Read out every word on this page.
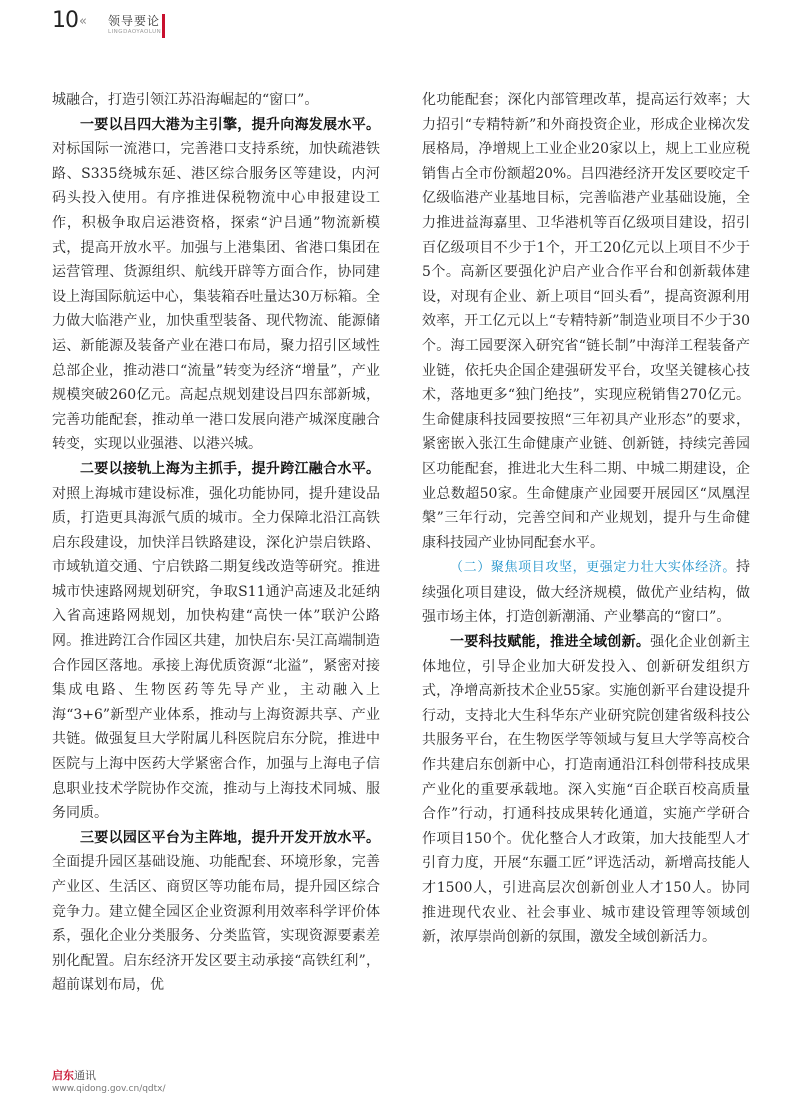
10 « 领导要论
LINGDAOYAOLUN

城融合，打造引领江苏沿海崛起的“窗口”。

一要以吕四大港为主引擎，提升向海发展水平。对标国际一流港口，完善港口支持系统，加快疏港铁路、S335绕城东延、港区综合服务区等建设，内河码头投入使用。有序推进保税物流中心申报建设工作，积极争取启运港资格，探索“沪吕通”物流新模式，提高开放水平。加强与上港集团、省港口集团在运营管理、货源组织、航线开辟等方面合作，协同建设上海国际航运中心，集装箱吞吐量达30万标箱。全力做大临港产业，加快重型装备、现代物流、能源储运、新能源及装备产业在港口布局，聚力招引区域性总部企业，推动港口“流量”转变为经济“增量”，产业规模突破260亿元。高起点规划建设吕四东部新城，完善功能配套，推动单一港口发展向港产城深度融合转变，实现以业强港、以港兴城。

二要以接轨上海为主抓手，提升跨江融合水平。对照上海城市建设标准，强化功能协同，提升建设品质，打造更具海派气质的城市。全力保障北沿江高铁启东段建设，加快洋吕铁路建设，深化沪崇启铁路、市域轨道交通、宁启铁路二期复线改造等研究。推进城市快速路网规划研究，争取S11通沪高速及北延纳入省高速路网规划，加快构建“高快一体”联沪公路网。推进跨江合作园区共建，加快启东·吴江高端制造合作园区落地。承接上海优质资源“北溢”，紧密对接集成电路、生物医药等先导产业，主动融入上海“3+6”新型产业体系，推动与上海资源共享、产业共链。做强复旦大学附属儿科医院启东分院，推进中医院与上海中医药大学紧密合作，加强与上海电子信息职业技术学院协作交流，推动与上海技术同城、服务同质。

三要以园区平台为主阵地，提升开发开放水平。全面提升园区基础设施、功能配套、环境形象，完善产业区、生活区、商贸区等功能布局，提升园区综合竞争力。建立健全园区企业资源利用效率科学评价体系，强化企业分类服务、分类监管，实现资源要素差别化配置。启东经济开发区要主动承接“高铁红利”，超前谋划布局，优

化功能配套；深化内部管理改革，提高运行效率；大力招引“专精特新”和外商投资企业，形成企业梯次发展格局，净增规上工业企业20家以上，规上工业应税销售占全市份额超20%。吕四港经济开发区要咬定千亿级临港产业基地目标，完善临港产业基础设施，全力推进益海嘉里、卫华港机等百亿级项目建设，招引百亿级项目不少于1个，开工20亿元以上项目不少于5个。高新区要强化沪启产业合作平台和创新载体建设，对现有企业、新上项目“回头看”，提高资源利用效率，开工亿元以上“专精特新”制造业项目不少于30个。海工园要深入研究省“链长制”中海洋工程装备产业链，依托央企国企建强研发平台，攻坚关键核心技术，落地更多“独门绝技”，实现应税销售270亿元。生命健康科技园要按照“三年初具产业形态”的要求，紧密嵌入张江生命健康产业链、创新链，持续完善园区功能配套，推进北大生科二期、中城二期建设，企业总数超50家。生命健康产业园要开展园区“凤凰涅槃”三年行动，完善空间和产业规划，提升与生命健康科技园产业协同配套水平。

（二）聚焦项目攻坚，更强定力壮大实体经济。持续强化项目建设，做大经济规模，做优产业结构，做强市场主体，打造创新潮涌、产业攀高的“窗口”。

一要科技赋能，推进全域创新。强化企业创新主体地位，引导企业加大研发投入、创新研发组织方式，净增高新技术企业55家。实施创新平台建设提升行动，支持北大生科华东产业研究院创建省级科技公共服务平台，在生物医学等领域与复旦大学等高校合作共建启东创新中心，打造南通沿江科创带科技成果产业化的重要承载地。深入实施“百企联百校高质量合作”行动，打通科技成果转化通道，实施产学研合作项目150个。优化整合人才政策，加大技能型人才引育力度，开展“东疆工匠”评选活动，新增高技能人才1500人，引进高层次创新创业人才150人。协同推进现代农业、社会事业、城市建设管理等领域创新，浓厚崇尚创新的氛围，激发全域创新活力。

启东通讯
www.qidong.gov.cn/qdtx/
